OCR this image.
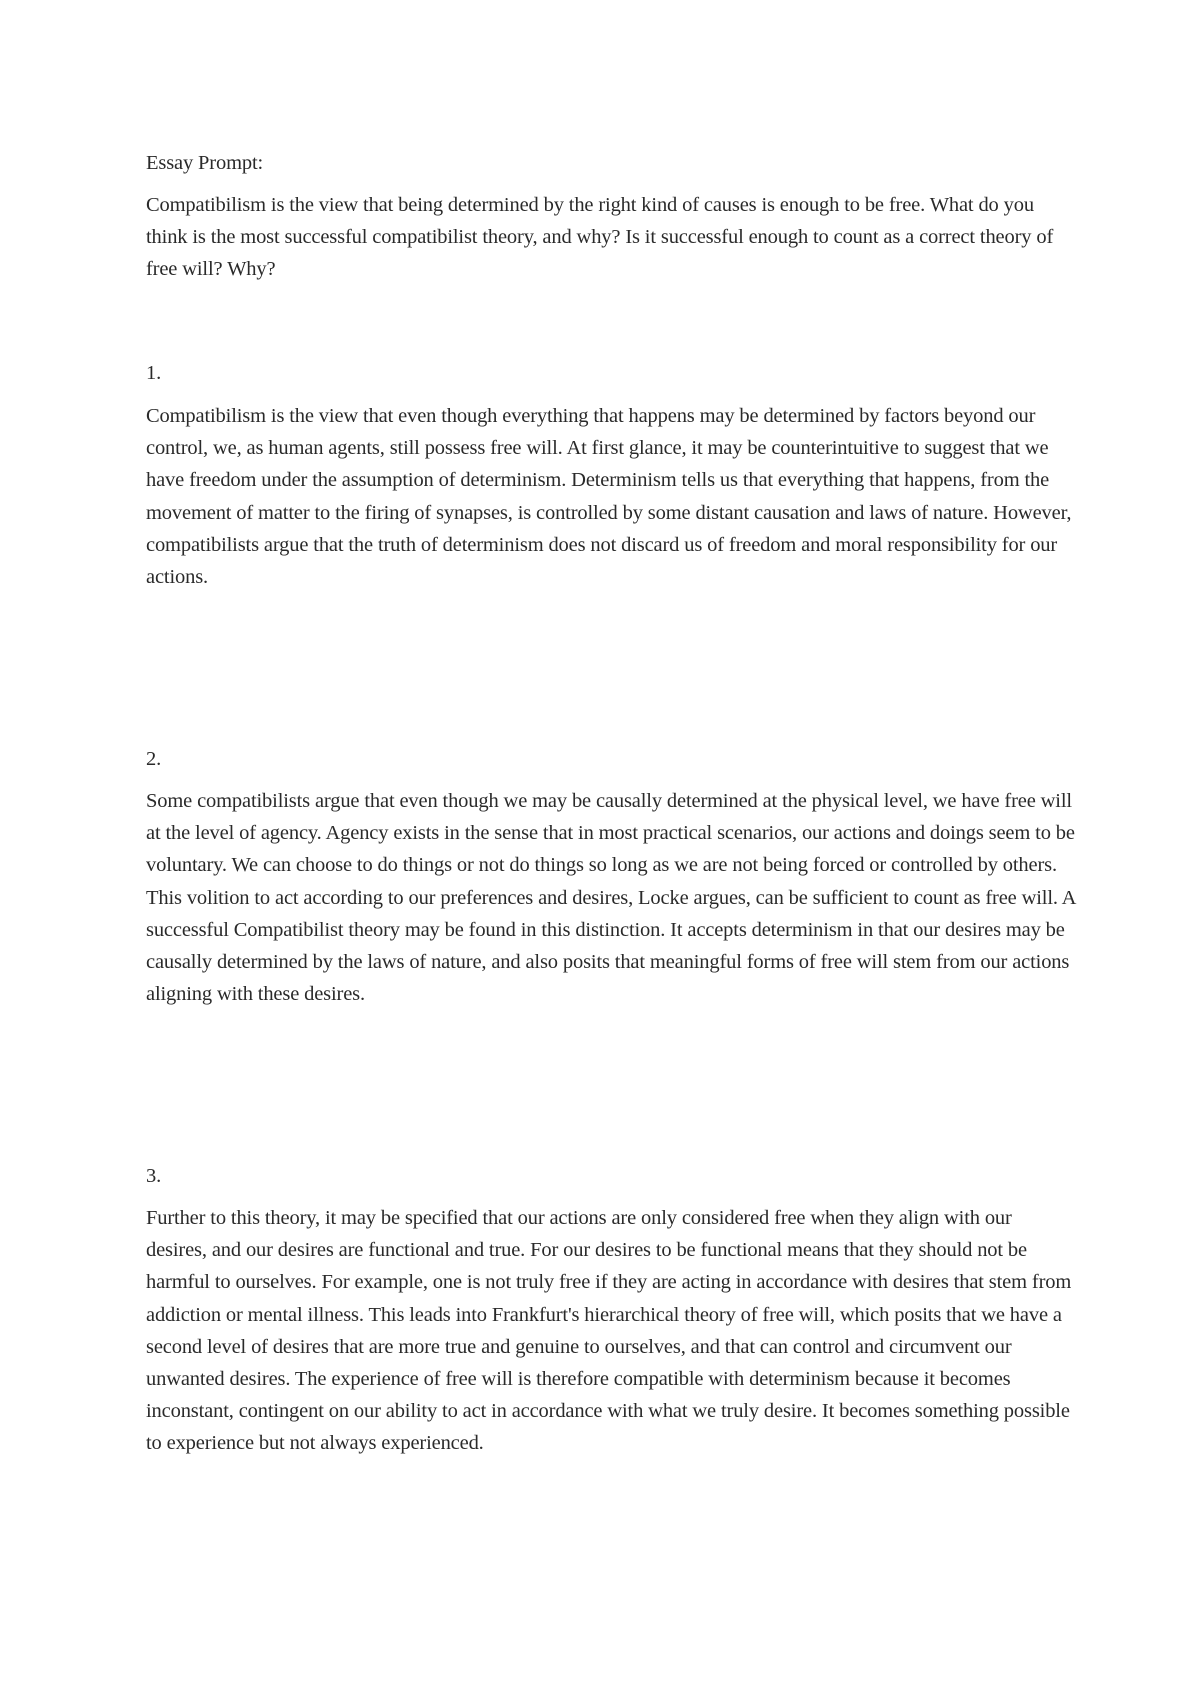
Essay Prompt:

Compatibilism is the view that being determined by the right kind of causes is enough to be free. What do you think is the most successful compatibilist theory, and why? Is it successful enough to count as a correct theory of free will? Why?

1.

Compatibilism is the view that even though everything that happens may be determined by factors beyond our control, we, as human agents, still possess free will. At first glance, it may be counterintuitive to suggest that we have freedom under the assumption of determinism. Determinism tells us that everything that happens, from the movement of matter to the firing of synapses, is controlled by some distant causation and laws of nature. However, compatibilists argue that the truth of determinism does not discard us of freedom and moral responsibility for our actions.

2.

Some compatibilists argue that even though we may be causally determined at the physical level, we have free will at the level of agency. Agency exists in the sense that in most practical scenarios, our actions and doings seem to be voluntary. We can choose to do things or not do things so long as we are not being forced or controlled by others. This volition to act according to our preferences and desires, Locke argues, can be sufficient to count as free will. A successful Compatibilist theory may be found in this distinction. It accepts determinism in that our desires may be causally determined by the laws of nature, and also posits that meaningful forms of free will stem from our actions aligning with these desires.

3.

Further to this theory, it may be specified that our actions are only considered free when they align with our desires, and our desires are functional and true. For our desires to be functional means that they should not be harmful to ourselves. For example, one is not truly free if they are acting in accordance with desires that stem from addiction or mental illness. This leads into Frankfurt's hierarchical theory of free will, which posits that we have a second level of desires that are more true and genuine to ourselves, and that can control and circumvent our unwanted desires. The experience of free will is therefore compatible with determinism because it becomes inconstant, contingent on our ability to act in accordance with what we truly desire. It becomes something possible to experience but not always experienced.
